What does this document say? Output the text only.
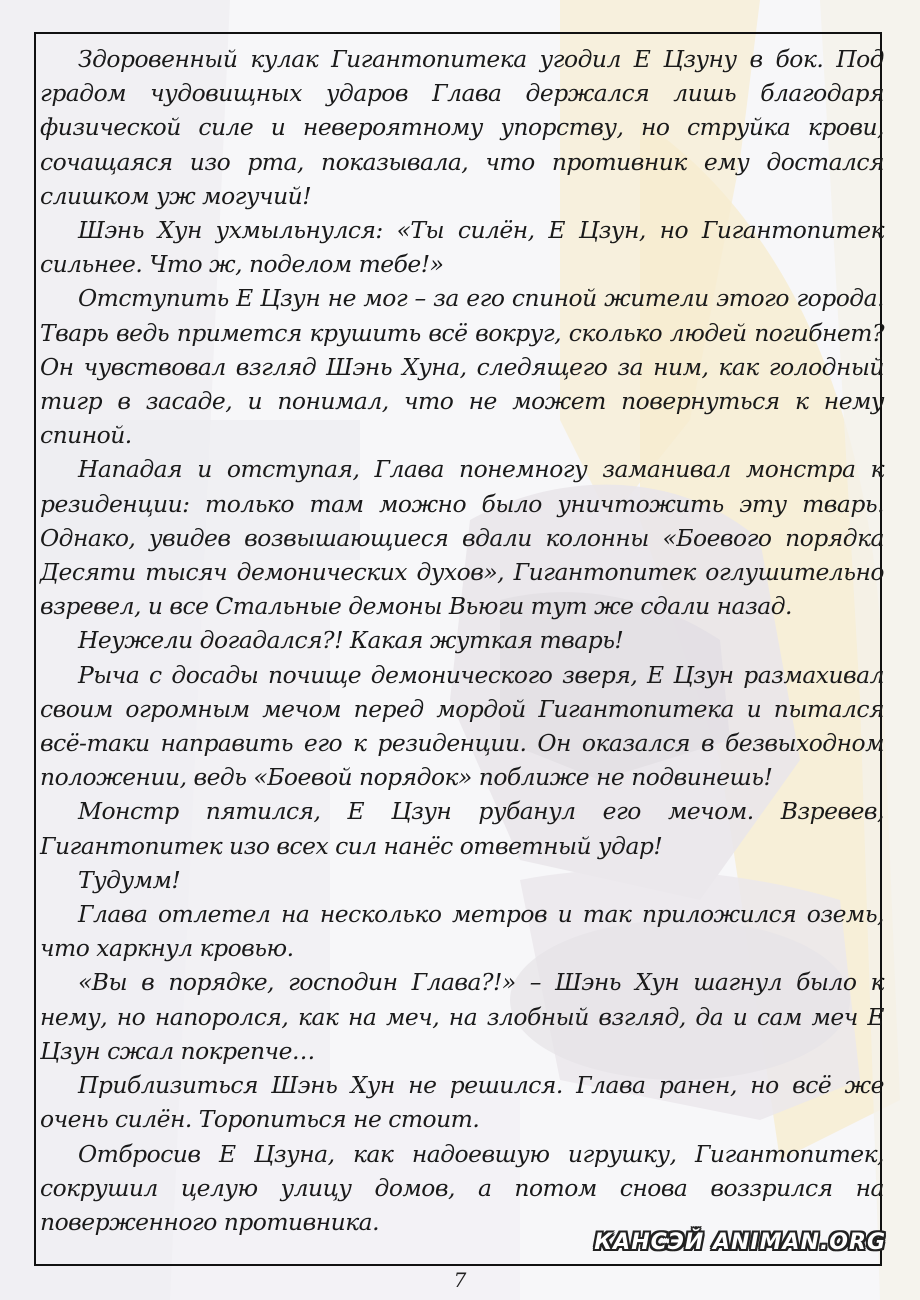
Здоровенный кулак Гигантопитека угодил Е Цзуну в бок. Под градом чудовищных ударов Глава держался лишь благодаря физической силе и невероятному упорству, но струйка крови, сочащаяся изо рта, показывала, что противник ему достался слишком уж могучий!

Шэнь Хун ухмыльнулся: «Ты силён, Е Цзун, но Гигантопитек сильнее. Что ж, поделом тебе!»

Отступить Е Цзун не мог – за его спиной жители этого города. Тварь ведь примется крушить всё вокруг, сколько людей погибнет? Он чувствовал взгляд Шэнь Хуна, следящего за ним, как голодный тигр в засаде, и понимал, что не может повернуться к нему спиной.

Нападая и отступая, Глава понемногу заманивал монстра к резиденции: только там можно было уничтожить эту тварь. Однако, увидев возвышающиеся вдали колонны «Боевого порядка Десяти тысяч демонических духов», Гигантопитек оглушительно взревел, и все Стальные демоны Вьюги тут же сдали назад.

Неужели догадался?! Какая жуткая тварь!

Рыча с досады почище демонического зверя, Е Цзун размахивал своим огромным мечом перед мордой Гигантопитека и пытался всё-таки направить его к резиденции. Он оказался в безвыходном положении, ведь «Боевой порядок» поближе не подвинешь!

Монстр пятился, Е Цзун рубанул его мечом. Взревев, Гигантопитек изо всех сил нанёс ответный удар!

Тудумм!

Глава отлетел на несколько метров и так приложился оземь, что харкнул кровью.

«Вы в порядке, господин Глава?!» – Шэнь Хун шагнул было к нему, но напоролся, как на меч, на злобный взгляд, да и сам меч Е Цзун сжал покрепче…

Приблизиться Шэнь Хун не решился. Глава ранен, но всё же очень силён. Торопиться не стоит.

Отбросив Е Цзуна, как надоевшую игрушку, Гигантопитек, сокрушил целую улицу домов, а потом снова воззрился на поверженного противника.

КАНСЭЙ ANIMAN.ORG
7
